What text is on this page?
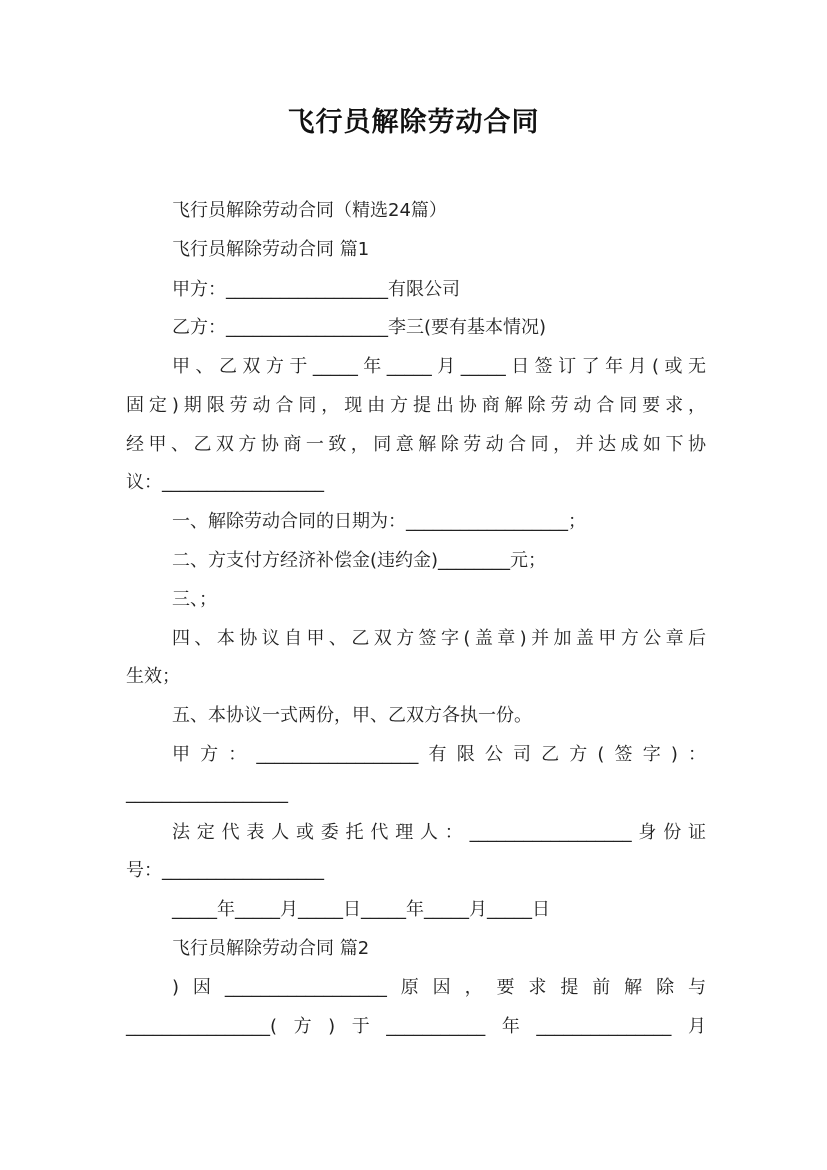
飞行员解除劳动合同
飞行员解除劳动合同（精选24篇）
飞行员解除劳动合同 篇1
甲方：__________________有限公司
乙方：__________________李三(要有基本情况)
甲、乙双方于_____年_____月_____日签订了年月(或无
固定)期限劳动合同，现由方提出协商解除劳动合同要求，
经甲、乙双方协商一致，同意解除劳动合同，并达成如下协
议：__________________
一、解除劳动合同的日期为：__________________；
二、方支付方经济补偿金(违约金)________元；
三、；
四、本协议自甲、乙双方签字(盖章)并加盖甲方公章后
生效；
五、本协议一式两份，甲、乙双方各执一份。
甲方：__________________有限公司乙方(签字)：
__________________
法定代表人或委托代理人：__________________身份证
号：__________________
_____年_____月_____日_____年_____月_____日
飞行员解除劳动合同 篇2
)因__________________原因，要求提前解除与
________________(方)于___________年_______________月
